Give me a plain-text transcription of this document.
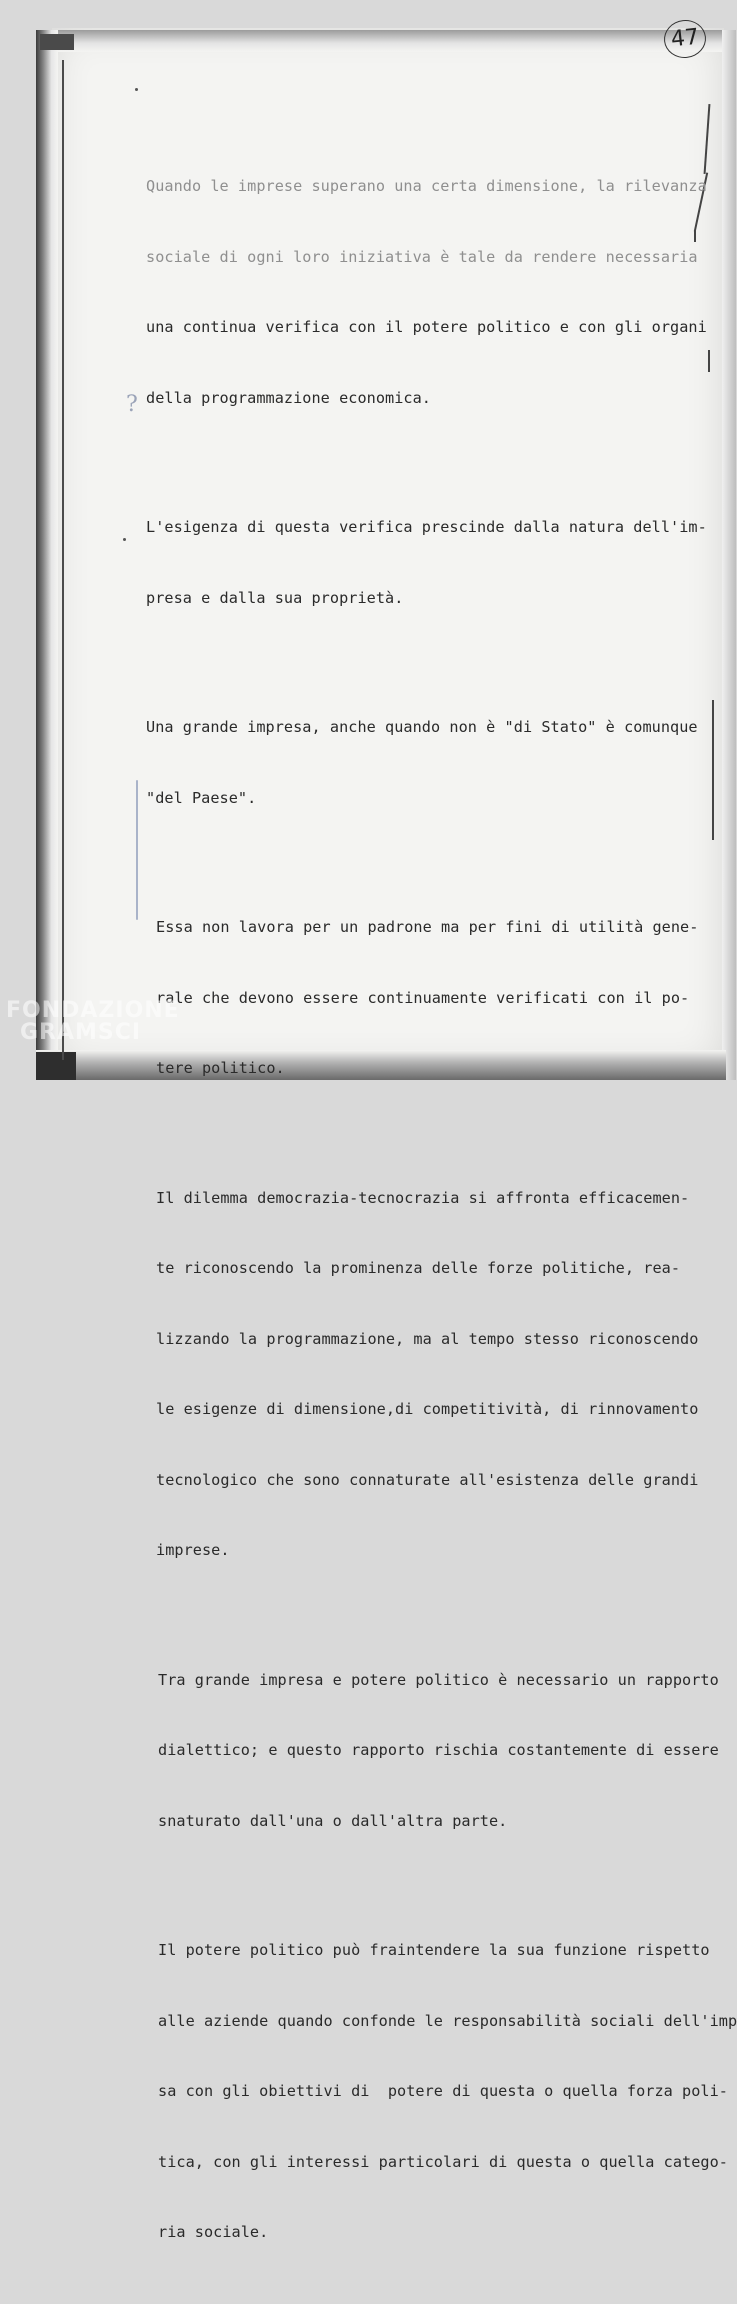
47
?

Quando le imprese superano una certa dimensione, la rilevanza

sociale di ogni loro iniziativa è tale da rendere necessaria

una continua verifica con il potere politico e con gli organi

della programmazione economica.

L'esigenza di questa verifica prescinde dalla natura dell'im-

presa e dalla sua proprietà.

Una grande impresa, anche quando non è "di Stato" è comunque

"del Paese".

Essa non lavora per un padrone ma per fini di utilità gene-

rale che devono essere continuamente verificati con il po-

tere politico.

Il dilemma democrazia-tecnocrazia si affronta efficacemen-

te riconoscendo la prominenza delle forze politiche, rea-

lizzando la programmazione, ma al tempo stesso riconoscendo

le esigenze di dimensione,di competitività, di rinnovamento

tecnologico che sono connaturate all'esistenza delle grandi

imprese.

Tra grande impresa e potere politico è necessario un rapporto

dialettico; e questo rapporto rischia costantemente di essere

snaturato dall'una o dall'altra parte.

Il potere politico può fraintendere la sua funzione rispetto

alle aziende quando confonde le responsabilità sociali dell'imp

sa con gli obiettivi di  potere di questa o quella forza poli-

tica, con gli interessi particolari di questa o quella catego-

ria sociale.

FONDAZIONE
GRAMSCI
